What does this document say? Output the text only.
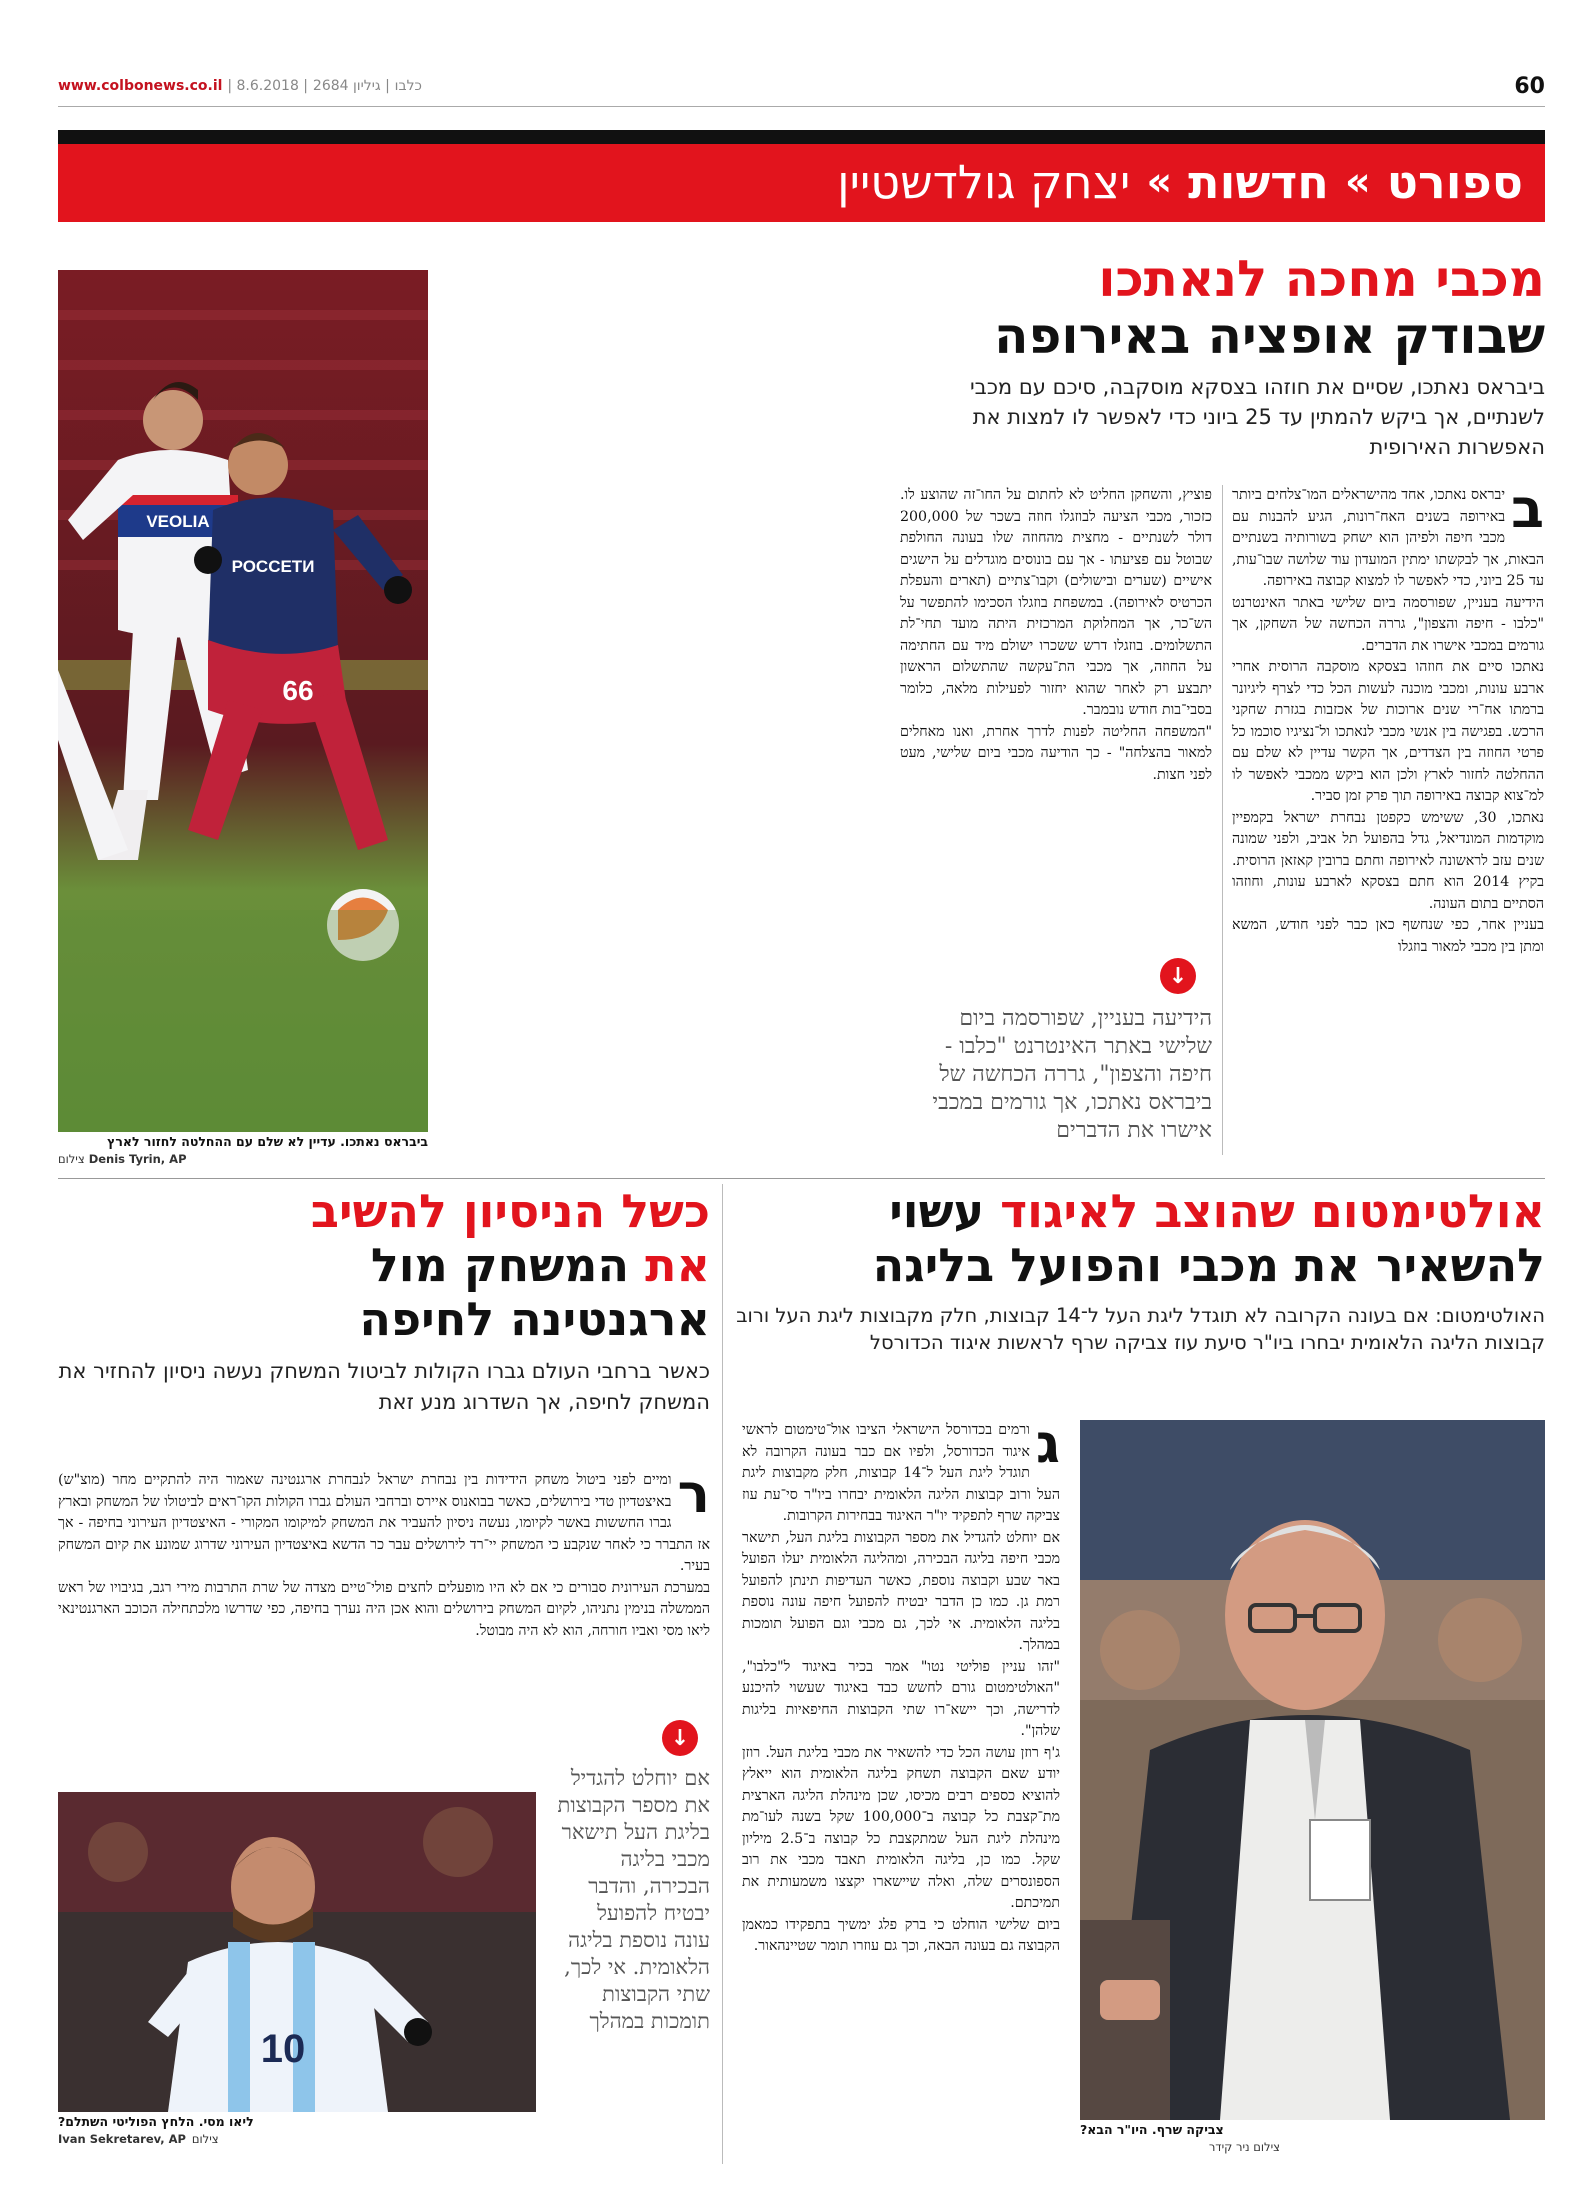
www.colbonews.co.il |	כלבו | גיליון 2684 | 8.6.2018	60
ספורט
»
חדשות
»
יצחק גולדשטיין
VEOLIA
РОССЕТИ
66
ביבראס נאתכו. עדיין לא שלם עם ההחלטה לחזור לארץ
Denis Tyrin, AP
צילום
מכבי מחכה לנאתכו
שבודק אופציה באירופה
ביבראס נאתכו, שסיים את חוזהו בצסקא מוסקבה, סיכם עם מכבי לשנתיים, אך ביקש להמתין עד 25 ביוני כדי לאפשר לו למצות את האפשרות האירופית
ב

יבראס נאתכו, אחד מהישראלים המו־צלחים ביותר באירופה בשנים האח־רונות, הגיע להבנות עם מכבי חיפה ולפיהן הוא ישחק בשורותיה בשנתיים הבאות, אך לבקשתו ימתין המועדון עוד שלושה שבו־עות, עד 25 ביוני, כדי לאפשר לו למצוא קבוצה באירופה.

הידיעה בעניין, שפורסמה ביום שלישי באתר האינטרנט "כלבו - חיפה והצפון", גררה הכחשה של השחקן, אך גורמים במכבי אישרו את הדברים.

נאתכו סיים את חוזהו בצסקא מוסקבה הרוסית אחרי ארבע עונות, ומכבי מוכנה לעשות הכל כדי לצרף ליגיונר ברמתו אח־רי שנים ארוכות של אכזבות בגזרת שחקני הרכש. בפגישה בין אנשי מכבי לנאתכו ול־נציגיו סוכמו כל פרטי החוזה בין הצדדים, אך הקשר עדיין לא שלם עם ההחלטה לחזור לארץ ולכן הוא ביקש ממכבי לאפשר לו למ־צוא קבוצה באירופה תוך פרק זמן סביר.

נאתכו, 30, ששימש כקפטן נבחרת ישראל בקמפיין מוקדמות המונדיאל, גדל בהפועל תל אביב, ולפני שמונה שנים עזב לראשונה לאירופה וחתם ברובין קאזאן הרוסית. בקיץ 2014 הוא חתם בצסקא לארבע עונות, וחוזהו הסתיים בתום העונה.

בעניין אחר, כפי שנחשף כאן כבר לפני חודש, המשא ומתן בין מכבי למאור בוזגלו

פוציץ, והשחקן החליט לא לחתום על החו־זה שהוצע לו. כזכור, מכבי הציעה לבוזגלו חוזה בשכר של 200,000 דולר לשנתיים - מחצית מהחוזה שלו בעונה החולפת שבוטל עם פציעתו - אך עם בונוסים מוגדלים על הישגים אישיים (שערים ובישולים) וקבו־צתיים (תארים והעפלת הכרטיס לאירופה). במשפחת בוזגלו הסכימו להתפשר על הש־כר, אך המחלוקת המרכזית היתה מועד תחי־לת התשלומים. בוזגלו דרש ששכרו ישולם מיד עם החתימה על החוזה, אך מכבי הת־עקשה שהתשלום הראשון יתבצע רק לאחר שהוא יחזור לפעילות מלאה, כלומר בסבי־בות חודש נובמבר.

"המשפחה החליטה לפנות לדרך אחרת, ואנו מאחלים למאור בהצלחה" - כך הודיעה מכבי ביום שלישי, מעט לפני חצות.

↓
הידיעה בעניין, שפורסמה ביום שלישי באתר האינטרנט "כלבו - חיפה והצפון", גררה הכחשה של ביבראס נאתכו, אך גורמים במכבי אישרו את הדברים
אולטימטום שהוצב לאיגוד עשוי
להשאיר את מכבי והפועל בליגה
האולטימטום: אם בעונה הקרובה לא תוגדל ליגת העל ל־14 קבוצות, חלק מקבוצות ליגת העל ורוב קבוצות הליגה הלאומית יבחרו ביו"ר סיעת עוז צביקה שרף לראשות איגוד הכדורסל
צביקה שרף. היו"ר הבא?
צילום ניר קידר
ג

ורמים בכדורסל הישראלי הציבו אול־טימטום לראשי איגוד הכדורסל, ולפיו אם כבר בעונה הקרובה לא תוגדל ליגת העל ל־14 קבוצות, חלק מקבוצות ליגת העל ורוב קבוצות הליגה הלאומית יבחרו ביו"ר סי־עת עוז צביקה שרף לתפקיד יו"ר האיגוד בבחירות הקרובות.

אם יוחלט להגדיל את מספר הקבוצות בליגת העל, תישאר מכבי חיפה בליגה הבכירה, ומהליגה הלאומית יעלו הפועל באר שבע וקבוצה נוספת, כאשר העדיפות תינתן להפועל רמת גן. כמו כן הדבר יבטיח להפועל חיפה עונה נוספת בליגה הלאומית. אי לכך, גם מכבי וגם הפועל תומכות במהלך.

"זהו עניין פוליטי נטו" אמר בכיר באיגוד ל"כלבו", "האולטימטום גורם לחשש כבד באיגוד שעשוי להיכנע לדרישה, וכך יישא־רו שתי הקבוצות החיפאיות בליגות שלהן".

ג'ף רוזן עושה הכל כדי להשאיר את מכבי בליגת העל. רוזן יודע שאם הקבוצה תשחק בליגה הלאומית הוא ייאלץ להוציא כספים רבים מכיסו, שכן מינהלת הליגה הארצית מת־קצבת כל קבוצה ב־100,000 שקל בשנה לעו־מת מינהלת ליגת העל שמתקצבת כל קבוצה ב־2.5 מיליון שקל. כמו כן, בליגה הלאומית תאבד מכבי את רוב הספונסרים שלה, ואלה שיישארו יקצצו משמעותית את תמיכתם.

ביום שלישי הוחלט כי ברק פלג ימשיך בתפקידו כמאמן הקבוצה גם בעונה הבאה, וכך גם עוזרו תומר שטיינהאור.

כשל הניסיון להשיב
את המשחק מול
ארגנטינה לחיפה
כאשר ברחבי העולם גברו הקולות לביטול המשחק נעשה ניסיון להחזיר את המשחק לחיפה, אך השדרוג מנע זאת
ר

ומיים לפני ביטול משחק הידידות בין נבחרת ישראל לנבחרת ארגנטינה שאמור היה להתקיים מחר (מוצ"ש) באיצטדיון טדי בירושלים, כאשר בבואנוס איירס וברחבי העולם גברו הקולות הקו־ראים לביטולו של המשחק ובארץ גברו החששות באשר לקיומו, נעשה ניסיון להעביר את המשחק למיקומו המקורי - האיצטדיון העירוני בחיפה - אך אז התברר כי לאחר שנקבע כי המשחק יי־רד לירושלים עבר כר הדשא באיצטדיון העירוני שדרוג שמונע את קיום המשחק בעיר.

במערכת העירונית סבורים כי אם לא היו מופעלים לחצים פולי־טיים מצדה של שרת התרבות מירי רגב, בגיבויו של ראש הממשלה בנימין נתניהו, לקיום המשחק בירושלים והוא אכן היה נערך בחיפה, כפי שדרשו מלכתחילה הכוכב הארגנטינאי ליאו מסי ואביו חורחה, הוא לא היה מבוטל.

10
ליאו מסי. הלחץ הפוליטי השתלם?
Ivan Sekretarev, AP צילום
↓
אם יוחלט להגדיל את מספר הקבוצות בליגת העל תישאר מכבי בליגה הבכירה, והדבר יבטיח להפועל עונה נוספת בליגה הלאומית. אי לכך, שתי הקבוצות תומכות במהלך
